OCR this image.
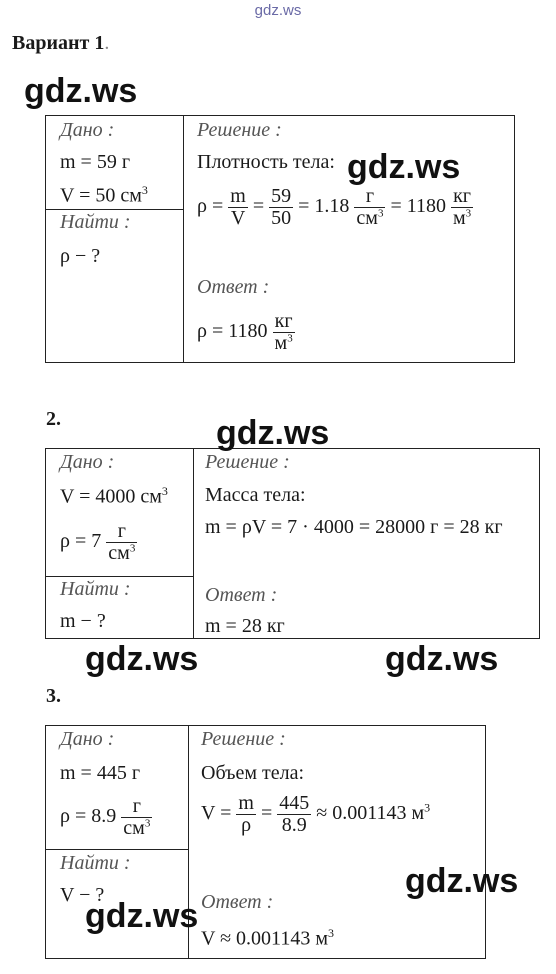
gdz.ws
Вариант 1.
gdz.ws
Дано :
m = 59 г
V = 50 $см^3$
Найти :
ρ − ?
Решение :
Плотность тела:
$\rho = \frac{m}{V} = \frac{59}{50} = 1.18 \frac{г}{см^3} = 1180 \frac{кг}{м^3}$
Ответ :
$\rho = 1180 \frac{кг}{м^3}$
gdz.ws
2.	gdz.ws
Дано :
V = 4000 $см^3$
$\rho = 7 \frac{г}{см^3}$
Найти :
m − ?
Решение :
Масса тела:
m = ρV = 7 · 4000 = 28000 г = 28 кг
Ответ :
m = 28 кг
gdz.ws	gdz.ws
3.
Дано :
m = 445 г
$\rho = 8.9 \frac{г}{см^3}$
Найти :
V − ?
Решение :
Объем тела:
$V = \frac{m}{\rho} = \frac{445}{8.9} \approx 0.001143$ $м^3$
Ответ :
V ≈ 0.001143 $м^3$
gdz.ws
gdz.ws
